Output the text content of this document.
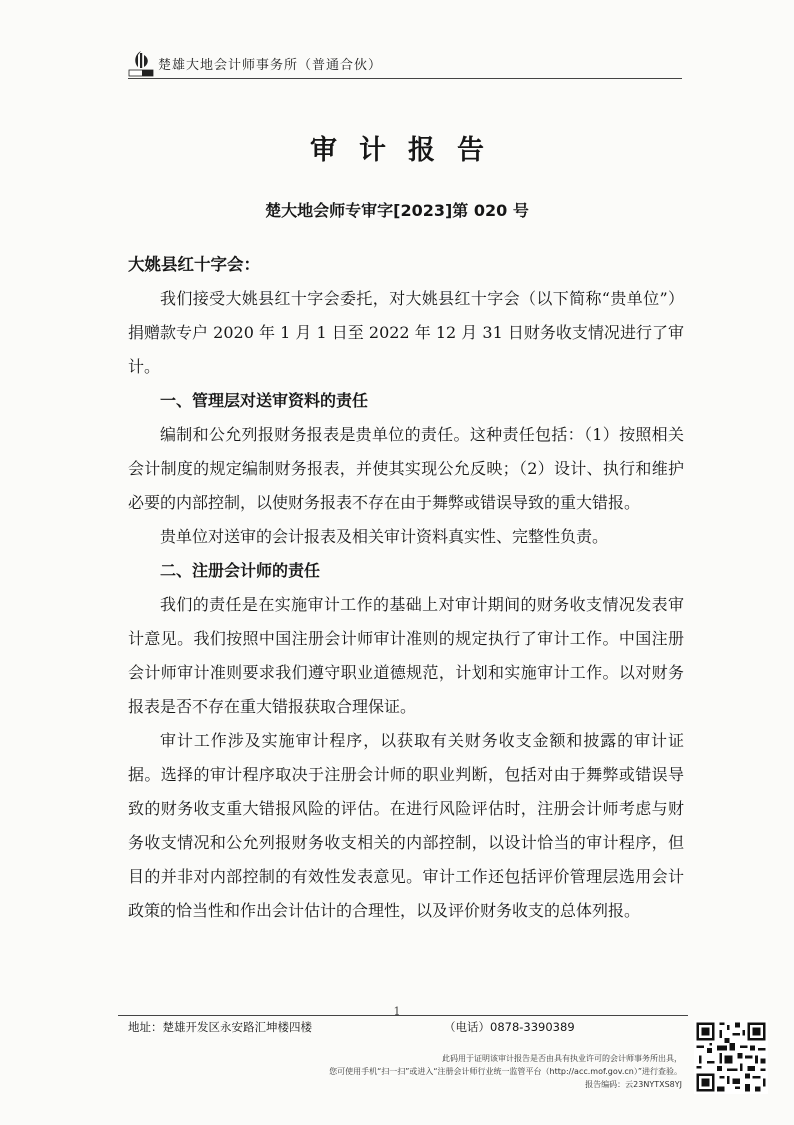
楚雄大地会计师事务所（普通合伙）
审计报告
楚大地会师专审字[2023]第 020 号
大姚县红十字会：

我们接受大姚县红十字会委托，对大姚县红十字会（以下简称“贵单位”）捐赠款专户 2020 年 1 月 1 日至 2022 年 12 月 31 日财务收支情况进行了审计。

一、管理层对送审资料的责任

编制和公允列报财务报表是贵单位的责任。这种责任包括：（1）按照相关会计制度的规定编制财务报表，并使其实现公允反映；（2）设计、执行和维护必要的内部控制，以使财务报表不存在由于舞弊或错误导致的重大错报。

贵单位对送审的会计报表及相关审计资料真实性、完整性负责。

二、注册会计师的责任

我们的责任是在实施审计工作的基础上对审计期间的财务收支情况发表审计意见。我们按照中国注册会计师审计准则的规定执行了审计工作。中国注册会计师审计准则要求我们遵守职业道德规范，计划和实施审计工作。以对财务报表是否不存在重大错报获取合理保证。

审计工作涉及实施审计程序，以获取有关财务收支金额和披露的审计证据。选择的审计程序取决于注册会计师的职业判断，包括对由于舞弊或错误导致的财务收支重大错报风险的评估。在进行风险评估时，注册会计师考虑与财务收支情况和公允列报财务收支相关的内部控制，以设计恰当的审计程序，但目的并非对内部控制的有效性发表意见。审计工作还包括评价管理层选用会计政策的恰当性和作出会计估计的合理性，以及评价财务收支的总体列报。

1
地址：楚雄开发区永安路汇坤楼四楼	（电话）0878-3390389
此码用于证明该审计报告是否由具有执业许可的会计师事务所出具，
您可使用手机“扫一扫”或进入“注册会计师行业统一监管平台（http://acc.mof.gov.cn）”进行查验。
报告编码：云23NYTXS8YJ
